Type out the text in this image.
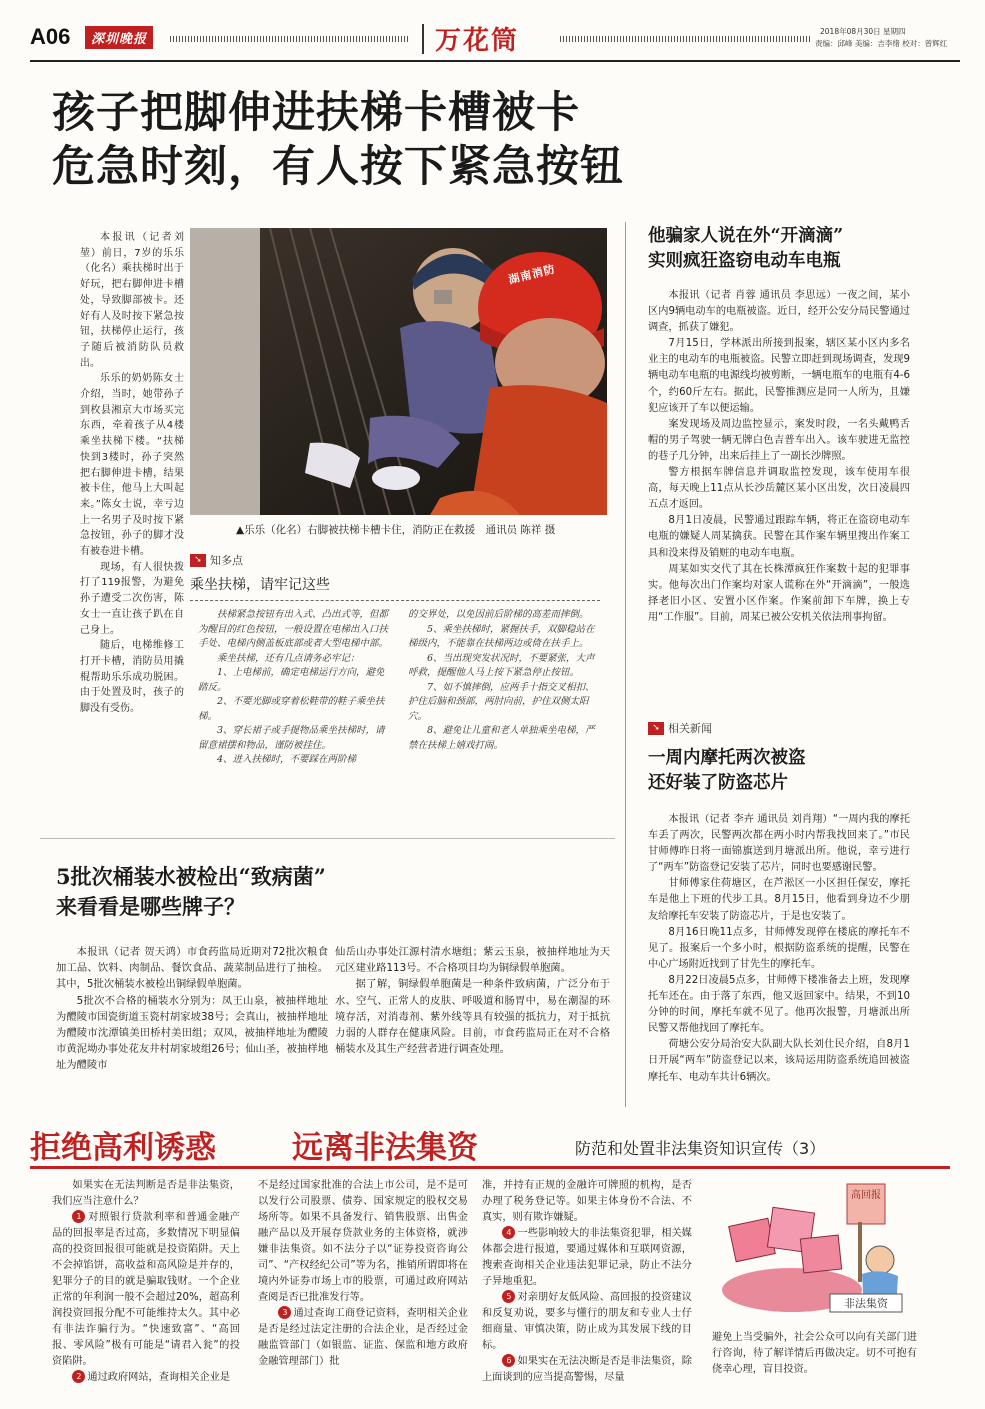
A06	深圳晚报	万花筒	2018年08月30日 星期四
责编：邱峰 美编：吉李绪 校对：曾辉红
孩子把脚伸进扶梯卡槽被卡
危急时刻，有人按下紧急按钮

本报讯（记者刘堃）前日，7岁的乐乐（化名）乘扶梯时出于好玩，把右脚伸进卡槽处，导致脚部被卡。还好有人及时按下紧急按钮，扶梯停止运行，孩子随后被消防队员救出。

乐乐的奶奶陈女士介绍，当时，她带孙子到枚县湘京大市场买完东西，牵着孩子从4楼乘坐扶梯下楼。“扶梯快到3楼时，孙子突然把右脚伸进卡槽，结果被卡住，他马上大叫起来。”陈女士说，幸亏边上一名男子及时按下紧急按钮，孙子的脚才没有被卷进卡槽。

现场，有人很快拨打了119报警，为避免孙子遭受二次伤害，陈女士一直让孩子趴在自己身上。

随后，电梯维修工打开卡槽，消防员用撬棍帮助乐乐成功脱困。由于处置及时，孩子的脚没有受伤。

湖南消防
▲乐乐（化名）右脚被扶梯卡槽卡住，消防正在救援　通讯员 陈祥 摄
➘ 知多点
乘坐扶梯，请牢记这些

扶梯紧急按钮有出入式、凸出式等，但都为醒目的红色按钮，一般设置在电梯出入口扶手处、电梯内侧盖板底部或者大型电梯中部。

乘坐扶梯，还有几点请务必牢记：

1、上电梯前，确定电梯运行方向，避免踏反。

2、不要光脚或穿着松鞋带的鞋子乘坐扶梯。

3、穿长裙子或手提物品乘坐扶梯时，请留意裙摆和物品，谨防被挂住。

4、进入扶梯时，不要踩在两阶梯

的交界处，以免因前后阶梯的高差而摔倒。

5、乘坐扶梯时，紧握扶手，双脚稳站在梯级内，不能靠在扶梯两边或倚在扶手上。

6、当出现突发状况时，不要紧张，大声呼救，提醒他人马上按下紧急停止按钮。

7、如不慎摔倒，应两手十指交叉相扣、护住后脑和颈部，两肘向前，护住双侧太阳穴。

8、避免让儿童和老人单独乘坐电梯，严禁在扶梯上嬉戏打闹。

5批次桶装水被检出“致病菌”
来看看是哪些牌子？

本报讯（记者 贺天鸿）市食药监局近期对72批次粮食加工品、饮料、肉制品、餐饮食品、蔬菜制品进行了抽检。其中，5批次桶装水被检出铜绿假单胞菌。

5批次不合格的桶装水分别为：凤王山泉，被抽样地址为醴陵市国瓷街道玉瓷村胡家坡38号；会真山，被抽样地址为醴陵市沈潭镇美田桥村美田组；双凤，被抽样地址为醴陵市黄泥坳办事处花友井村胡家坡组26号；仙山圣，被抽样地址为醴陵市

仙岳山办事处江源村清水塘组；紫云玉泉，被抽样地址为天元区建业路113号。不合格项目均为铜绿假单胞菌。

据了解，铜绿假单胞菌是一种条件致病菌，广泛分布于水、空气、正常人的皮肤、呼吸道和肠胃中，易在潮湿的环境存活，对消毒剂、紫外线等具有较强的抵抗力，对于抵抗力弱的人群存在健康风险。目前，市食药监局正在对不合格桶装水及其生产经营者进行调查处理。

他骗家人说在外“开滴滴”
实则疯狂盗窃电动车电瓶

本报讯（记者 肖蓉 通讯员 李思远）一夜之间，某小区内9辆电动车的电瓶被盗。近日，经开公安分局民警通过调查，抓获了嫌犯。

7月15日，学林派出所接到报案，辖区某小区内多名业主的电动车的电瓶被盗。民警立即赶到现场调查，发现9辆电动车电瓶的电源线均被剪断，一辆电瓶车的电瓶有4-6个，约60斤左右。据此，民警推测应是同一人所为，且嫌犯应该开了车以便运输。

案发现场及周边监控显示，案发时段，一名头戴鸭舌帽的男子驾驶一辆无牌白色吉普车出入。该车驶进无监控的巷子几分钟，出来后挂上了一副长沙牌照。

警方根据车牌信息并调取监控发现，该车使用车很高，每天晚上11点从长沙岳麓区某小区出发，次日凌晨四五点才返回。

8月1日凌晨，民警通过跟踪车辆，将正在盗窃电动车电瓶的嫌疑人周某擒获。民警在其作案车辆里搜出作案工具和没来得及销赃的电动车电瓶。

周某如实交代了其在长株潭疯狂作案数十起的犯罪事实。他每次出门作案均对家人谎称在外“开滴滴”，一般选择老旧小区、安置小区作案。作案前卸下车牌，换上专用“工作服”。目前，周某已被公安机关依法刑事拘留。

➘ 相关新闻
一周内摩托两次被盗
还好装了防盗芯片

本报讯（记者 李卉 通讯员 刘肖翔）“一周内我的摩托车丢了两次，民警两次都在两小时内帮我找回来了。”市民甘师傅昨日将一面锦旗送到月塘派出所。他说，幸亏进行了“两车”防盗登记安装了芯片，同时也要感谢民警。

甘师傅家住荷塘区，在芦淞区一小区担任保安，摩托车是他上下班的代步工具。8月15日，他看到身边不少朋友给摩托车安装了防盗芯片，于是也安装了。

8月16日晚11点多，甘师傅发现停在楼底的摩托车不见了。报案后一个多小时，根据防盗系统的提醒，民警在中心广场附近找到了甘先生的摩托车。

8月22日凌晨5点多，甘师傅下楼准备去上班，发现摩托车还在。由于落了东西，他又返回家中。结果，不到10分钟的时间，摩托车就不见了。他再次报警，月塘派出所民警又帮他找回了摩托车。

荷塘公安分局治安大队副大队长刘仕民介绍，自8月1日开展“两车”防盗登记以来，该局运用防盗系统追回被盗摩托车、电动车共计6辆次。

拒绝高利诱惑 远离非法集资	防范和处置非法集资知识宣传（3）

如果实在无法判断是否是非法集资，我们应当注意什么？

1 对照银行贷款利率和普通金融产品的回报率是否过高，多数情况下明显偏高的投资回报很可能就是投资陷阱。天上不会掉馅饼，高收益和高风险是并存的，犯罪分子的目的就是骗取钱财。一个企业正常的年利润一般不会超过20%，超高利润投资回报分配不可能维持太久。其中必有非法诈骗行为。“快速致富”、“高回报、零风险”极有可能是“请君入瓮”的投资陷阱。

2 通过政府网站，查询相关企业是

不是经过国家批准的合法上市公司，是不是可以发行公司股票、债券、国家规定的股权交易场所等。如果不具备发行、销售股票、出售金融产品以及开展存贷款业务的主体资格，就涉嫌非法集资。如不法分子以“证券投资咨询公司”、“产权经纪公司”等为名，推销所谓即将在境内外证券市场上市的股票，可通过政府网站查阅是否已批准发行等。

3 通过查询工商登记资料，查明相关企业是否是经过法定注册的合法企业，是否经过金融监管部门（如银监、证监、保监和地方政府金融管理部门）批

准，并持有正规的金融许可牌照的机构，是否办理了税务登记等。如果主体身份不合法、不真实，则有欺诈嫌疑。

4 一些影响较大的非法集资犯罪，相关媒体都会进行报道，要通过媒体和互联网资源，搜索查询相关企业违法犯罪记录，防止不法分子异地重犯。

5 对亲朋好友低风险、高回报的投资建议和反复劝说，要多与懂行的朋友和专业人士仔细商量、审慎决策，防止成为其发展下线的目标。

6 如果实在无法决断是否是非法集资，除上面谈到的应当提高警惕，尽量

高回报
非法集资

避免上当受骗外，社会公众可以向有关部门进行咨询，待了解详情后再做决定。切不可抱有侥幸心理，盲目投资。
